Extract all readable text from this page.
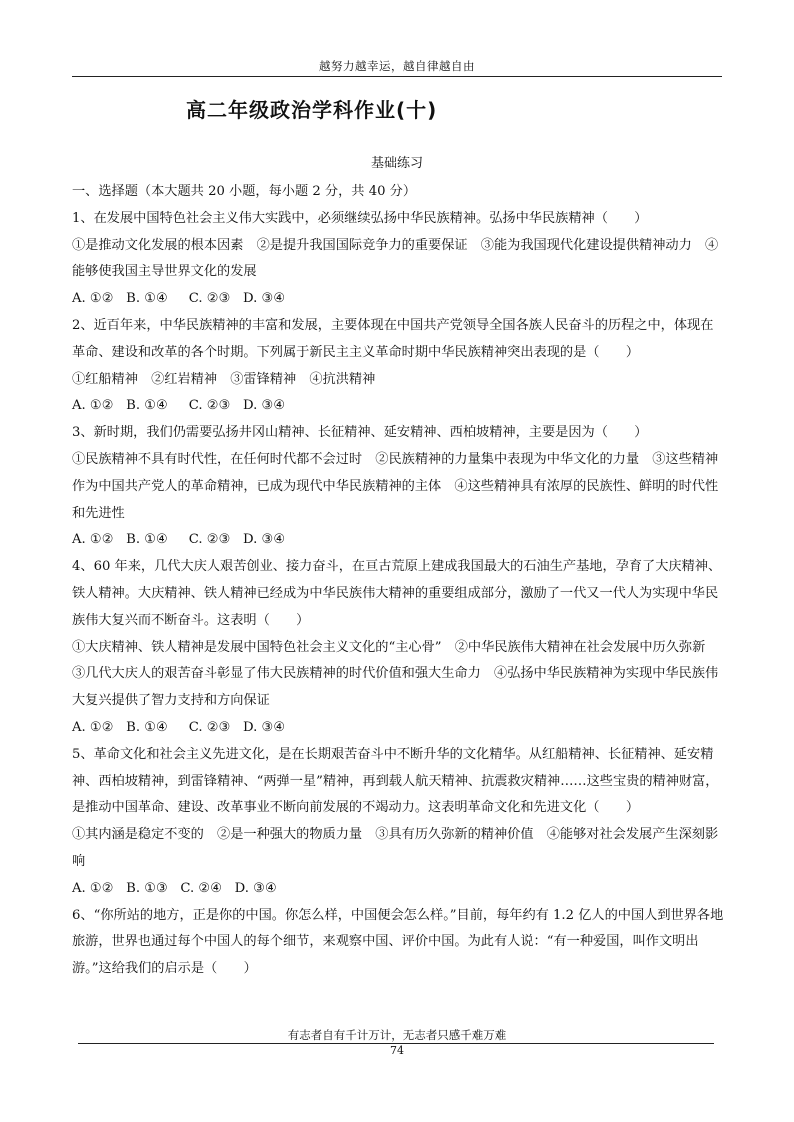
越努力越幸运，越自律越自由
高二年级政治学科作业(十)
基础练习

一、选择题（本大题共 20 小题，每小题 2 分，共 40 分）

1、在发展中国特色社会主义伟大实践中，必须继续弘扬中华民族精神。弘扬中华民族精神（　　）

①是推动文化发展的根本因素　②是提升我国国际竞争力的重要保证　③能为我国现代化建设提供精神动力　④能够使我国主导世界文化的发展

A. ①②   B. ①④     C. ②③   D. ③④

2、近百年来，中华民族精神的丰富和发展，主要体现在中国共产党领导全国各族人民奋斗的历程之中，体现在革命、建设和改革的各个时期。下列属于新民主主义革命时期中华民族精神突出表现的是（　　）

①红船精神　②红岩精神　③雷锋精神　④抗洪精神

A. ①②   B. ①④     C. ②③   D. ③④

3、新时期，我们仍需要弘扬井冈山精神、长征精神、延安精神、西柏坡精神，主要是因为（　　）

①民族精神不具有时代性，在任何时代都不会过时　②民族精神的力量集中表现为中华文化的力量　③这些精神作为中国共产党人的革命精神，已成为现代中华民族精神的主体　④这些精神具有浓厚的民族性、鲜明的时代性和先进性

A. ①②   B. ①④     C. ②③   D. ③④

4、60 年来，几代大庆人艰苦创业、接力奋斗，在亘古荒原上建成我国最大的石油生产基地，孕育了大庆精神、铁人精神。大庆精神、铁人精神已经成为中华民族伟大精神的重要组成部分，激励了一代又一代人为实现中华民族伟大复兴而不断奋斗。这表明（　　）

①大庆精神、铁人精神是发展中国特色社会主义文化的“主心骨”　②中华民族伟大精神在社会发展中历久弥新　③几代大庆人的艰苦奋斗彰显了伟大民族精神的时代价值和强大生命力　④弘扬中华民族精神为实现中华民族伟大复兴提供了智力支持和方向保证

A. ①②   B. ①④     C. ②③   D. ③④

5、革命文化和社会主义先进文化，是在长期艰苦奋斗中不断升华的文化精华。从红船精神、长征精神、延安精神、西柏坡精神，到雷锋精神、“两弹一星”精神，再到载人航天精神、抗震救灾精神……这些宝贵的精神财富，是推动中国革命、建设、改革事业不断向前发展的不竭动力。这表明革命文化和先进文化（　　）

①其内涵是稳定不变的　②是一种强大的物质力量　③具有历久弥新的精神价值　④能够对社会发展产生深刻影响

A. ①②   B. ①③   C. ②④   D. ③④

6、“你所站的地方，正是你的中国。你怎么样，中国便会怎么样。”目前，每年约有 1.2 亿人的中国人到世界各地旅游，世界也通过每个中国人的每个细节，来观察中国、评价中国。为此有人说：“有一种爱国，叫作文明出游。”这给我们的启示是（　　）

有志者自有千计万计，无志者只感千难万难
74
